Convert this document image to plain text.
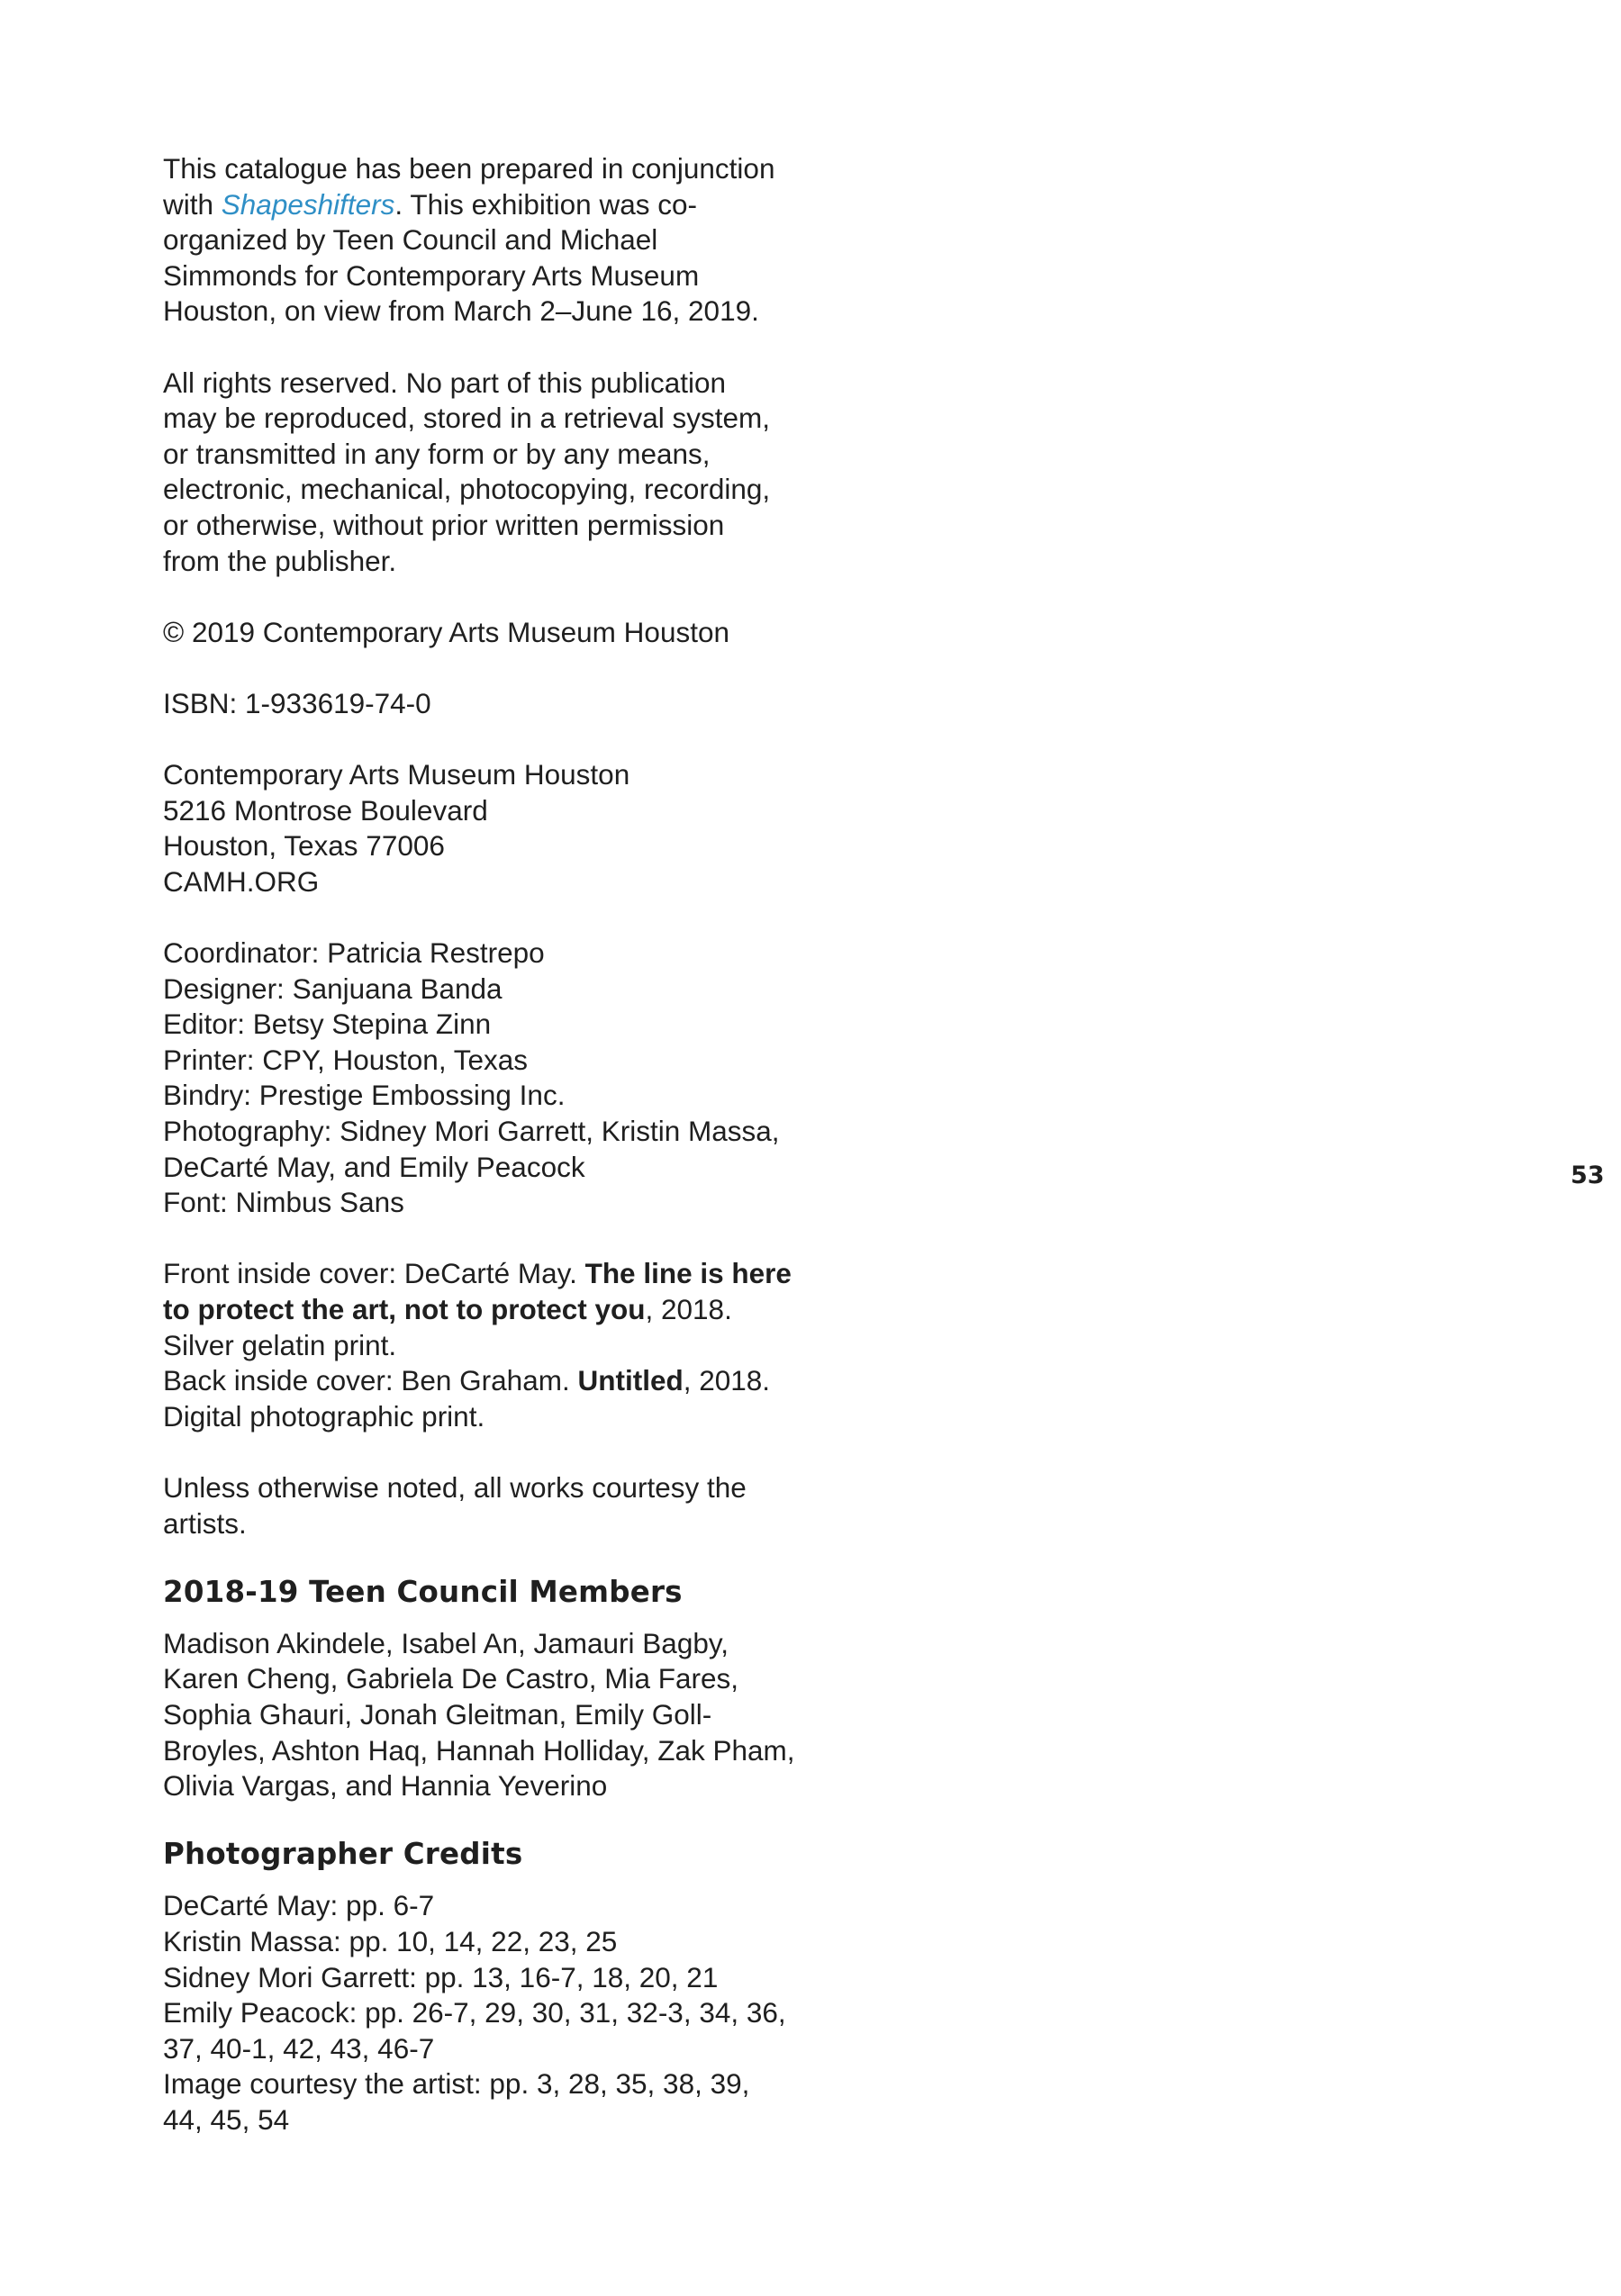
This catalogue has been prepared in conjunction
with Shapeshifters. This exhibition was co-
organized by Teen Council and Michael
Simmonds for Contemporary Arts Museum
Houston, on view from March 2–June 16, 2019.

All rights reserved. No part of this publication
may be reproduced, stored in a retrieval system,
or transmitted in any form or by any means,
electronic, mechanical, photocopying, recording,
or otherwise, without prior written permission
from the publisher.

© 2019 Contemporary Arts Museum Houston

ISBN: 1-933619-74-0

Contemporary Arts Museum Houston
5216 Montrose Boulevard
Houston, Texas 77006
CAMH.ORG

Coordinator: Patricia Restrepo
Designer: Sanjuana Banda
Editor: Betsy Stepina Zinn
Printer: CPY, Houston, Texas
Bindry: Prestige Embossing Inc.
Photography: Sidney Mori Garrett, Kristin Massa,
DeCarté May, and Emily Peacock
Font: Nimbus Sans

Front inside cover: DeCarté May. The line is here
to protect the art, not to protect you, 2018.
Silver gelatin print.
Back inside cover: Ben Graham. Untitled, 2018.
Digital photographic print.

Unless otherwise noted, all works courtesy the
artists.

2018-19 Teen Council Members

Madison Akindele, Isabel An, Jamauri Bagby,
Karen Cheng, Gabriela De Castro, Mia Fares,
Sophia Ghauri, Jonah Gleitman, Emily Goll-
Broyles, Ashton Haq, Hannah Holliday, Zak Pham,
Olivia Vargas, and Hannia Yeverino

Photographer Credits

DeCarté May: pp. 6-7
Kristin Massa: pp. 10, 14, 22, 23, 25
Sidney Mori Garrett: pp. 13, 16-7, 18, 20, 21
Emily Peacock: pp. 26-7, 29, 30, 31, 32-3, 34, 36,
37, 40-1, 42, 43, 46-7
Image courtesy the artist: pp. 3, 28, 35, 38, 39,
44, 45, 54

53
